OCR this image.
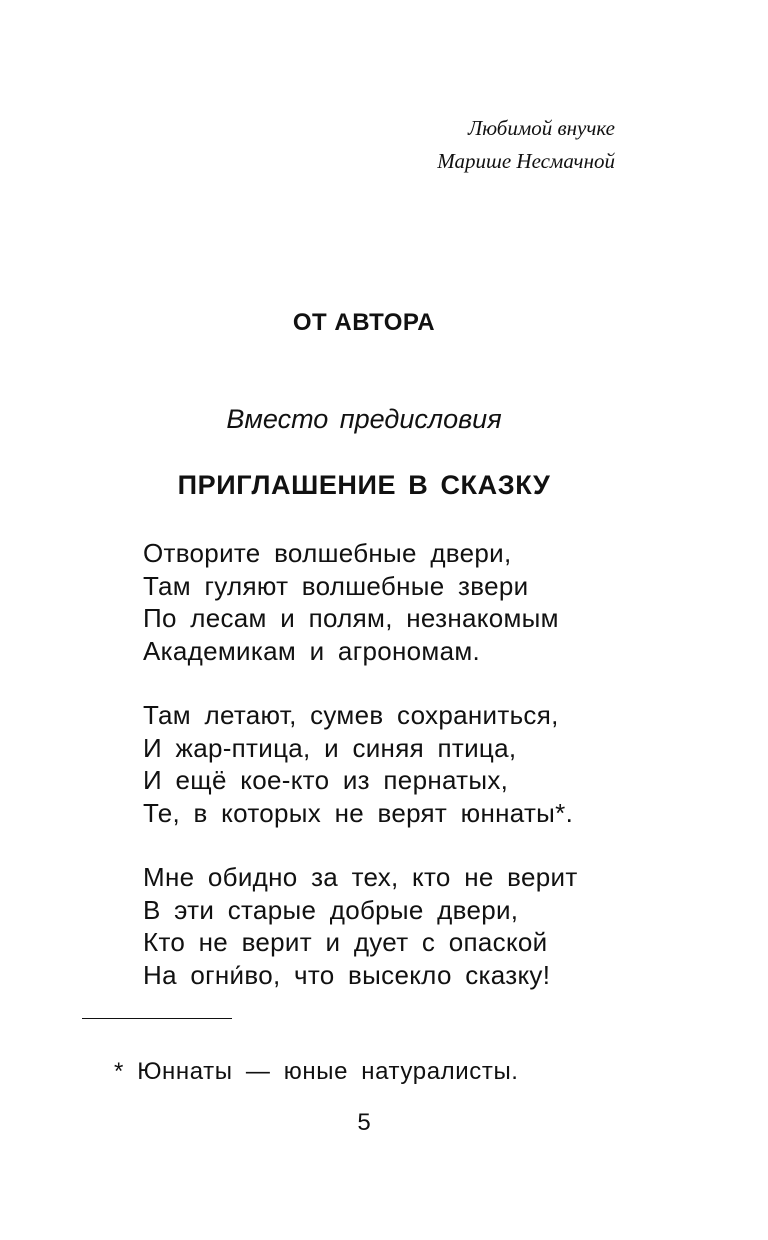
Любимой внучке
Марише Несмачной
ОТ АВТОРА
Вместо предисловия
ПРИГЛАШЕНИЕ В СКАЗКУ
Отворите волшебные двери,
Там гуляют волшебные звери
По лесам и полям, незнакомым
Академикам и агрономам.
Там летают, сумев сохраниться,
И жар-птица, и синяя птица,
И ещё кое-кто из пернатых,
Те, в которых не верят юннаты*.
Мне обидно за тех, кто не верит
В эти старые добрые двери,
Кто не верит и дует с опаской
На огни́во, что высекло сказку!
* Юннаты — юные натуралисты.
5
